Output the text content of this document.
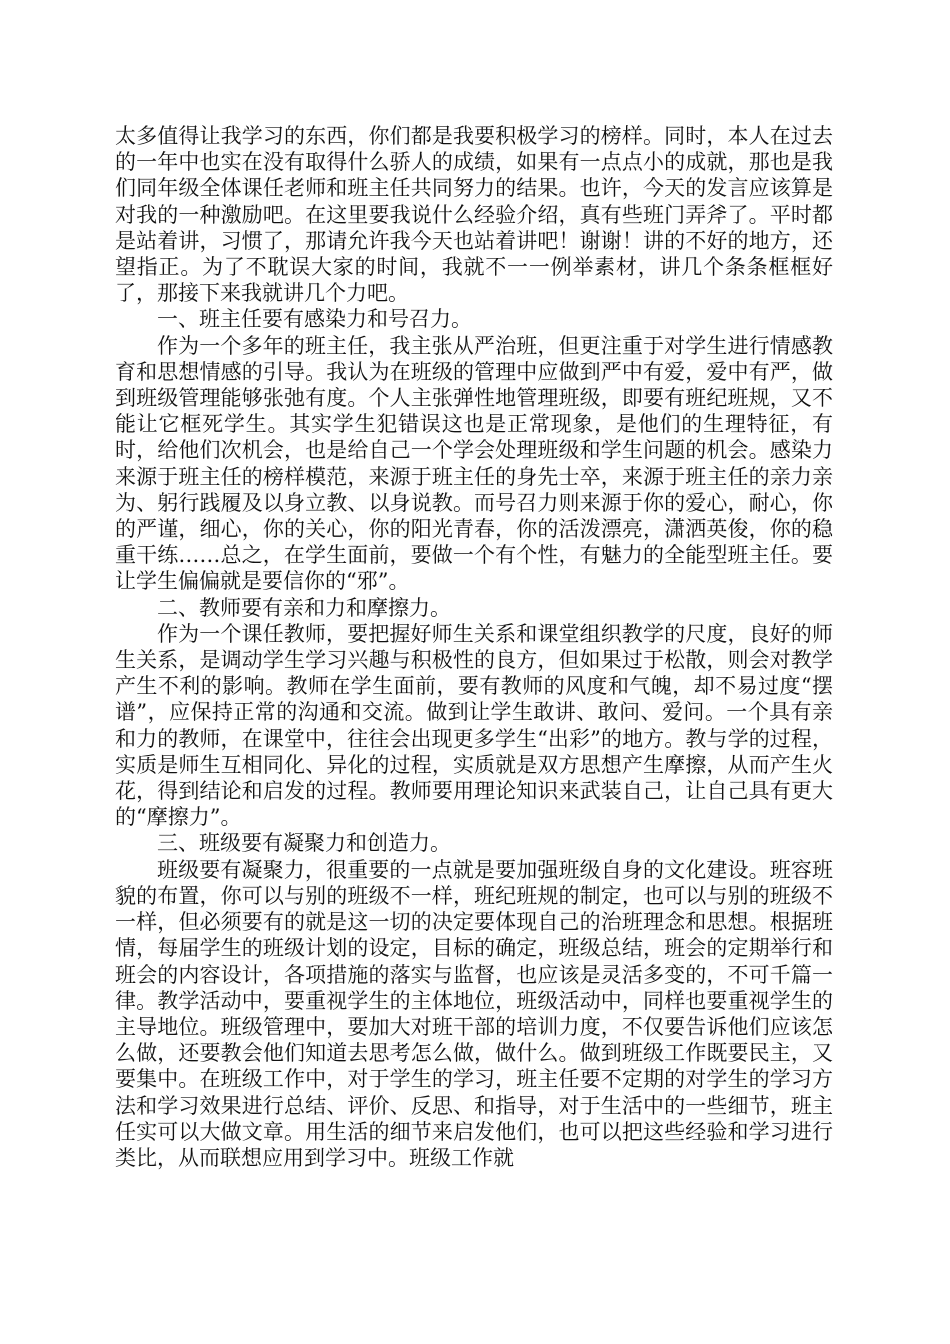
太多值得让我学习的东西，你们都是我要积极学习的榜样。同时，本人在过去的一年中也实在没有取得什么骄人的成绩，如果有一点点小的成就，那也是我们同年级全体课任老师和班主任共同努力的结果。也许，今天的发言应该算是对我的一种激励吧。在这里要我说什么经验介绍，真有些班门弄斧了。平时都是站着讲，习惯了，那请允许我今天也站着讲吧！谢谢！讲的不好的地方，还望指正。为了不耽误大家的时间，我就不一一例举素材，讲几个条条框框好了，那接下来我就讲几个力吧。

一、班主任要有感染力和号召力。

作为一个多年的班主任，我主张从严治班，但更注重于对学生进行情感教育和思想情感的引导。我认为在班级的管理中应做到严中有爱，爱中有严，做到班级管理能够张弛有度。个人主张弹性地管理班级，即要有班纪班规，又不能让它框死学生。其实学生犯错误这也是正常现象，是他们的生理特征，有时，给他们次机会，也是给自己一个学会处理班级和学生问题的机会。感染力来源于班主任的榜样模范，来源于班主任的身先士卒，来源于班主任的亲力亲为、躬行践履及以身立教、以身说教。而号召力则来源于你的爱心，耐心，你的严谨，细心，你的关心，你的阳光青春，你的活泼漂亮，潇洒英俊，你的稳重干练……总之，在学生面前，要做一个有个性，有魅力的全能型班主任。要让学生偏偏就是要信你的“邪”。

二、教师要有亲和力和摩擦力。

作为一个课任教师，要把握好师生关系和课堂组织教学的尺度，良好的师生关系，是调动学生学习兴趣与积极性的良方，但如果过于松散，则会对教学产生不利的影响。教师在学生面前，要有教师的风度和气魄，却不易过度“摆谱”，应保持正常的沟通和交流。做到让学生敢讲、敢问、爱问。一个具有亲和力的教师，在课堂中，往往会出现更多学生“出彩”的地方。教与学的过程，实质是师生互相同化、异化的过程，实质就是双方思想产生摩擦，从而产生火花，得到结论和启发的过程。教师要用理论知识来武装自己，让自己具有更大的“摩擦力”。

三、班级要有凝聚力和创造力。

班级要有凝聚力，很重要的一点就是要加强班级自身的文化建设。班容班貌的布置，你可以与别的班级不一样，班纪班规的制定，也可以与别的班级不一样，但必须要有的就是这一切的决定要体现自己的治班理念和思想。根据班情，每届学生的班级计划的设定，目标的确定，班级总结，班会的定期举行和班会的内容设计，各项措施的落实与监督，也应该是灵活多变的，不可千篇一律。教学活动中，要重视学生的主体地位，班级活动中，同样也要重视学生的主导地位。班级管理中，要加大对班干部的培训力度，不仅要告诉他们应该怎么做，还要教会他们知道去思考怎么做，做什么。做到班级工作既要民主，又要集中。在班级工作中，对于学生的学习，班主任要不定期的对学生的学习方法和学习效果进行总结、评价、反思、和指导，对于生活中的一些细节，班主任实可以大做文章。用生活的细节来启发他们，也可以把这些经验和学习进行类比，从而联想应用到学习中。班级工作就
